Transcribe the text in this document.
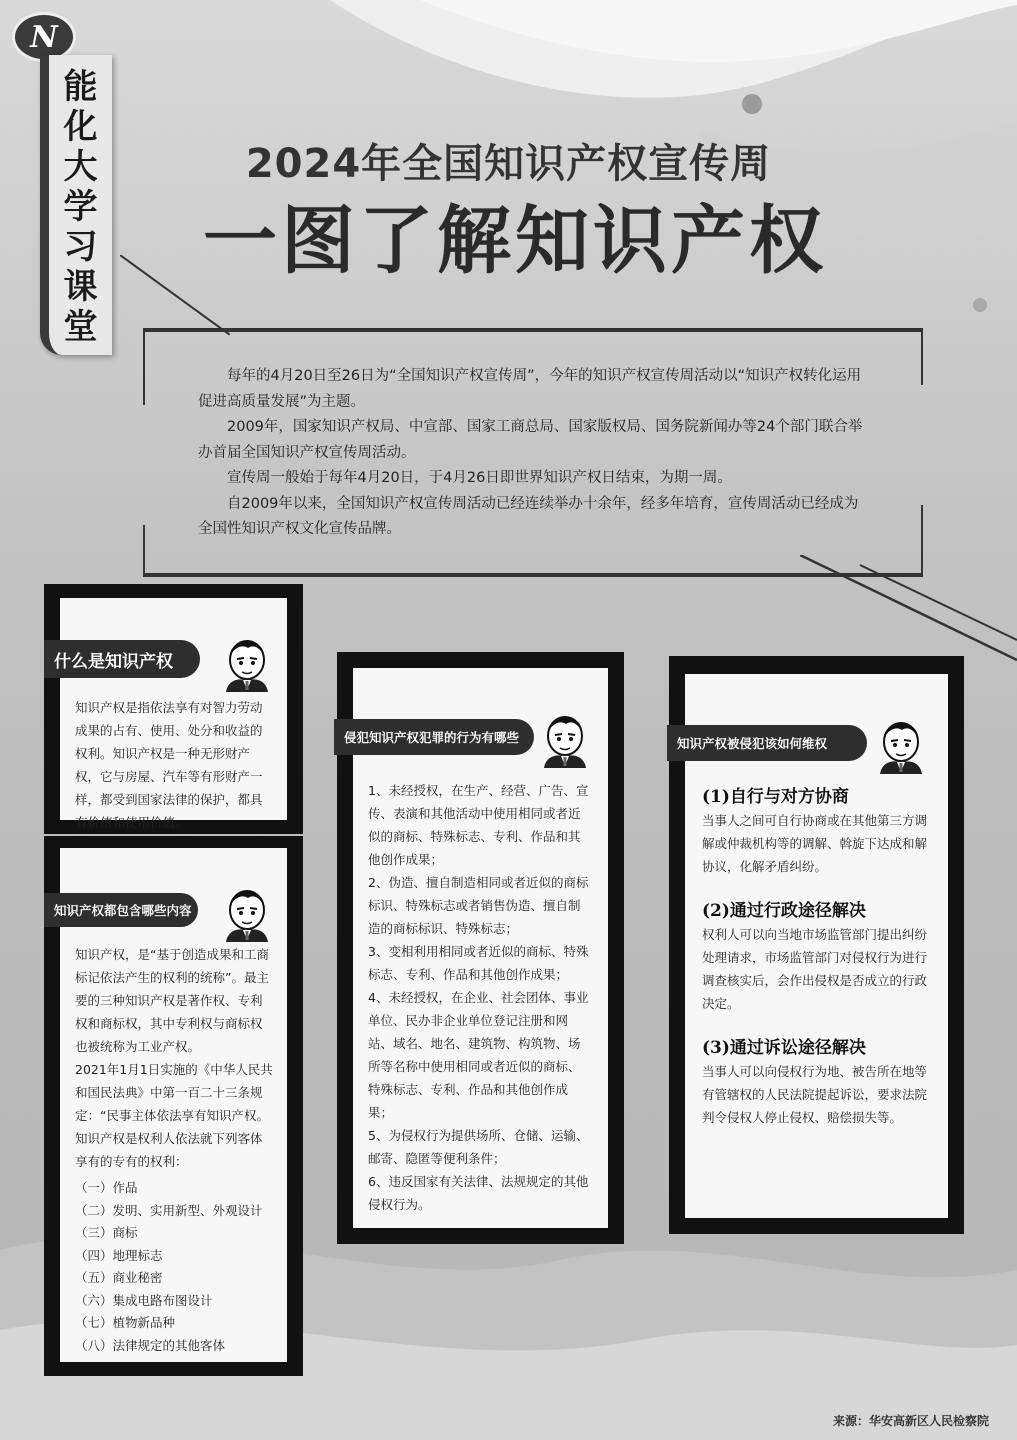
N
能
化
大
学
习
课
堂
2024年全国知识产权宣传周
一图了解知识产权

每年的4月20日至26日为“全国知识产权宣传周”，今年的知识产权宣传周活动以“知识产权转化运用促进高质量发展”为主题。

2009年，国家知识产权局、中宣部、国家工商总局、国家版权局、国务院新闻办等24个部门联合举办首届全国知识产权宣传周活动。

宣传周一般始于每年4月20日，于4月26日即世界知识产权日结束，为期一周。

自2009年以来，全国知识产权宣传周活动已经连续举办十余年，经多年培育，宣传周活动已经成为全国性知识产权文化宣传品牌。

什么是知识产权
知识产权是指依法享有对智力劳动成果的占有、使用、处分和收益的权利。知识产权是一种无形财产权，它与房屋、汽车等有形财产一样，都受到国家法律的保护，都具有价值和使用价值。
知识产权都包含哪些内容

知识产权，是“基于创造成果和工商标记依法产生的权利的统称”。最主要的三种知识产权是著作权、专利权和商标权，其中专利权与商标权也被统称为工业产权。

2021年1月1日实施的《中华人民共和国民法典》中第一百二十三条规定：“民事主体依法享有知识产权。知识产权是权利人依法就下列客体享有的专有的权利：

（一）作品
（二）发明、实用新型、外观设计
（三）商标
（四）地理标志
（五）商业秘密
（六）集成电路布图设计
（七）植物新品种
（八）法律规定的其他客体
侵犯知识产权犯罪的行为有哪些

1、未经授权，在生产、经营、广告、宣传、表演和其他活动中使用相同或者近似的商标、特殊标志、专利、作品和其他创作成果；

2、伪造、擅自制造相同或者近似的商标标识、特殊标志或者销售伪造、擅自制造的商标标识、特殊标志；

3、变相利用相同或者近似的商标、特殊标志、专利、作品和其他创作成果；

4、未经授权，在企业、社会团体、事业单位、民办非企业单位登记注册和网站、域名、地名、建筑物、构筑物、场所等名称中使用相同或者近似的商标、特殊标志、专利、作品和其他创作成果；

5、为侵权行为提供场所、仓储、运输、邮寄、隐匿等便利条件；

6、违反国家有关法律、法规规定的其他侵权行为。

知识产权被侵犯该如何维权

(1)自行与对方协商

当事人之间可自行协商或在其他第三方调解或仲裁机构等的调解、斡旋下达成和解协议，化解矛盾纠纷。

(2)通过行政途径解决

权利人可以向当地市场监管部门提出纠纷处理请求，市场监管部门对侵权行为进行调查核实后，会作出侵权是否成立的行政决定。

(3)通过诉讼途径解决

当事人可以向侵权行为地、被告所在地等有管辖权的人民法院提起诉讼，要求法院判令侵权人停止侵权、赔偿损失等。

来源：华安高新区人民检察院
